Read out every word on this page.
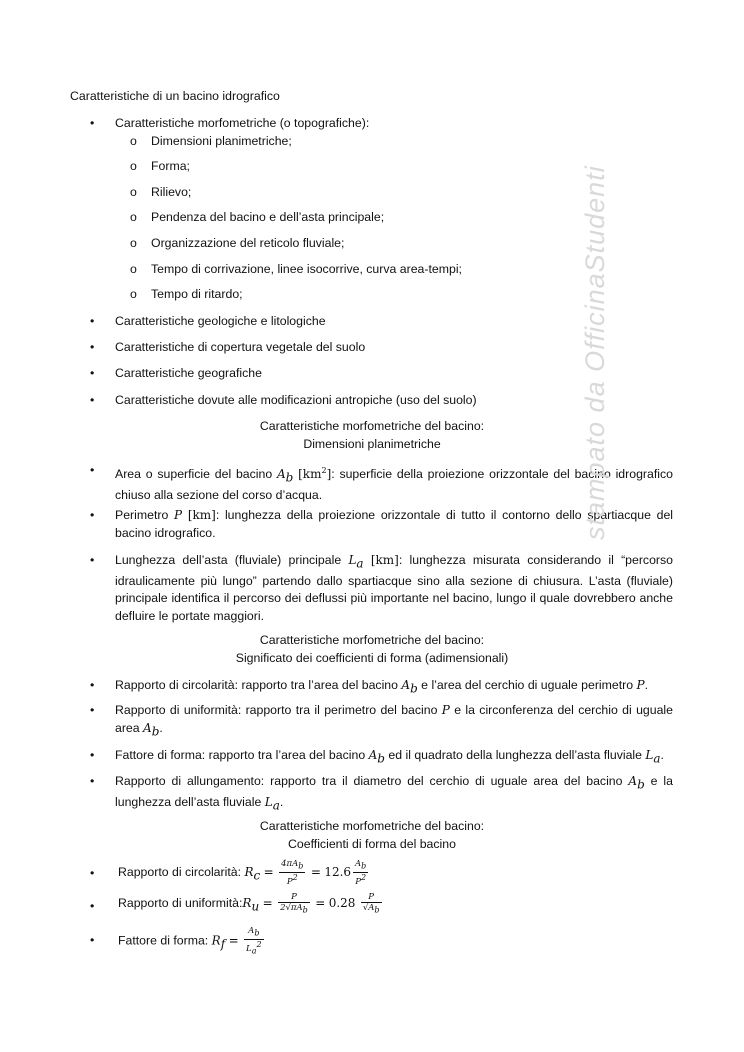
Caratteristiche di un bacino idrografico
• Caratteristiche morfometriche (o topografiche):
o Dimensioni planimetriche;
o Forma;
o Rilievo;
o Pendenza del bacino e dell’asta principale;
o Organizzazione del reticolo fluviale;
o Tempo di corrivazione, linee isocorrive, curva area-tempi;
o Tempo di ritardo;
• Caratteristiche geologiche e litologiche
• Caratteristiche di copertura vegetale del suolo
• Caratteristiche geografiche
• Caratteristiche dovute alle modificazioni antropiche (uso del suolo)
Caratteristiche morfometriche del bacino:
Dimensioni planimetriche
• Area o superficie del bacino $A_b$ $[km^2]$: superficie della proiezione orizzontale del bacino idrografico chiuso alla sezione del corso d’acqua.
• Perimetro P [km]: lunghezza della proiezione orizzontale di tutto il contorno dello spartiacque del bacino idrografico.
• Lunghezza dell’asta (fluviale) principale $L_a$ [km]: lunghezza misurata considerando il “percorso idraulicamente più lungo” partendo dallo spartiacque sino alla sezione di chiusura. L’asta (fluviale) principale identifica il percorso dei deflussi più importante nel bacino, lungo il quale dovrebbero anche defluire le portate maggiori.
Caratteristiche morfometriche del bacino:
Significato dei coefficienti di forma (adimensionali)
• Rapporto di circolarità: rapporto tra l’area del bacino $A_b$ e l’area del cerchio di uguale perimetro P.
• Rapporto di uniformità: rapporto tra il perimetro del bacino P e la circonferenza del cerchio di uguale area $A_b$.
• Fattore di forma: rapporto tra l’area del bacino $A_b$ ed il quadrato della lunghezza dell’asta fluviale $L_a$.
• Rapporto di allungamento: rapporto tra il diametro del cerchio di uguale area del bacino $A_b$ e la lunghezza dell’asta fluviale $L_a$.
Caratteristiche morfometriche del bacino:
Coefficienti di forma del bacino
• Rapporto di circolarità: $R_c = \frac{4\pi A_b}{P^2} = 12.6 \frac{A_b}{P^2}$
• Rapporto di $uniformità:R_u = \frac{P}{2√\pi A_b} = 0.28 \frac{P}{√A_b}$
• Fattore di forma: $R_f = \frac{A_b}{L_a^2}$
stampato da OfficinaStudenti
